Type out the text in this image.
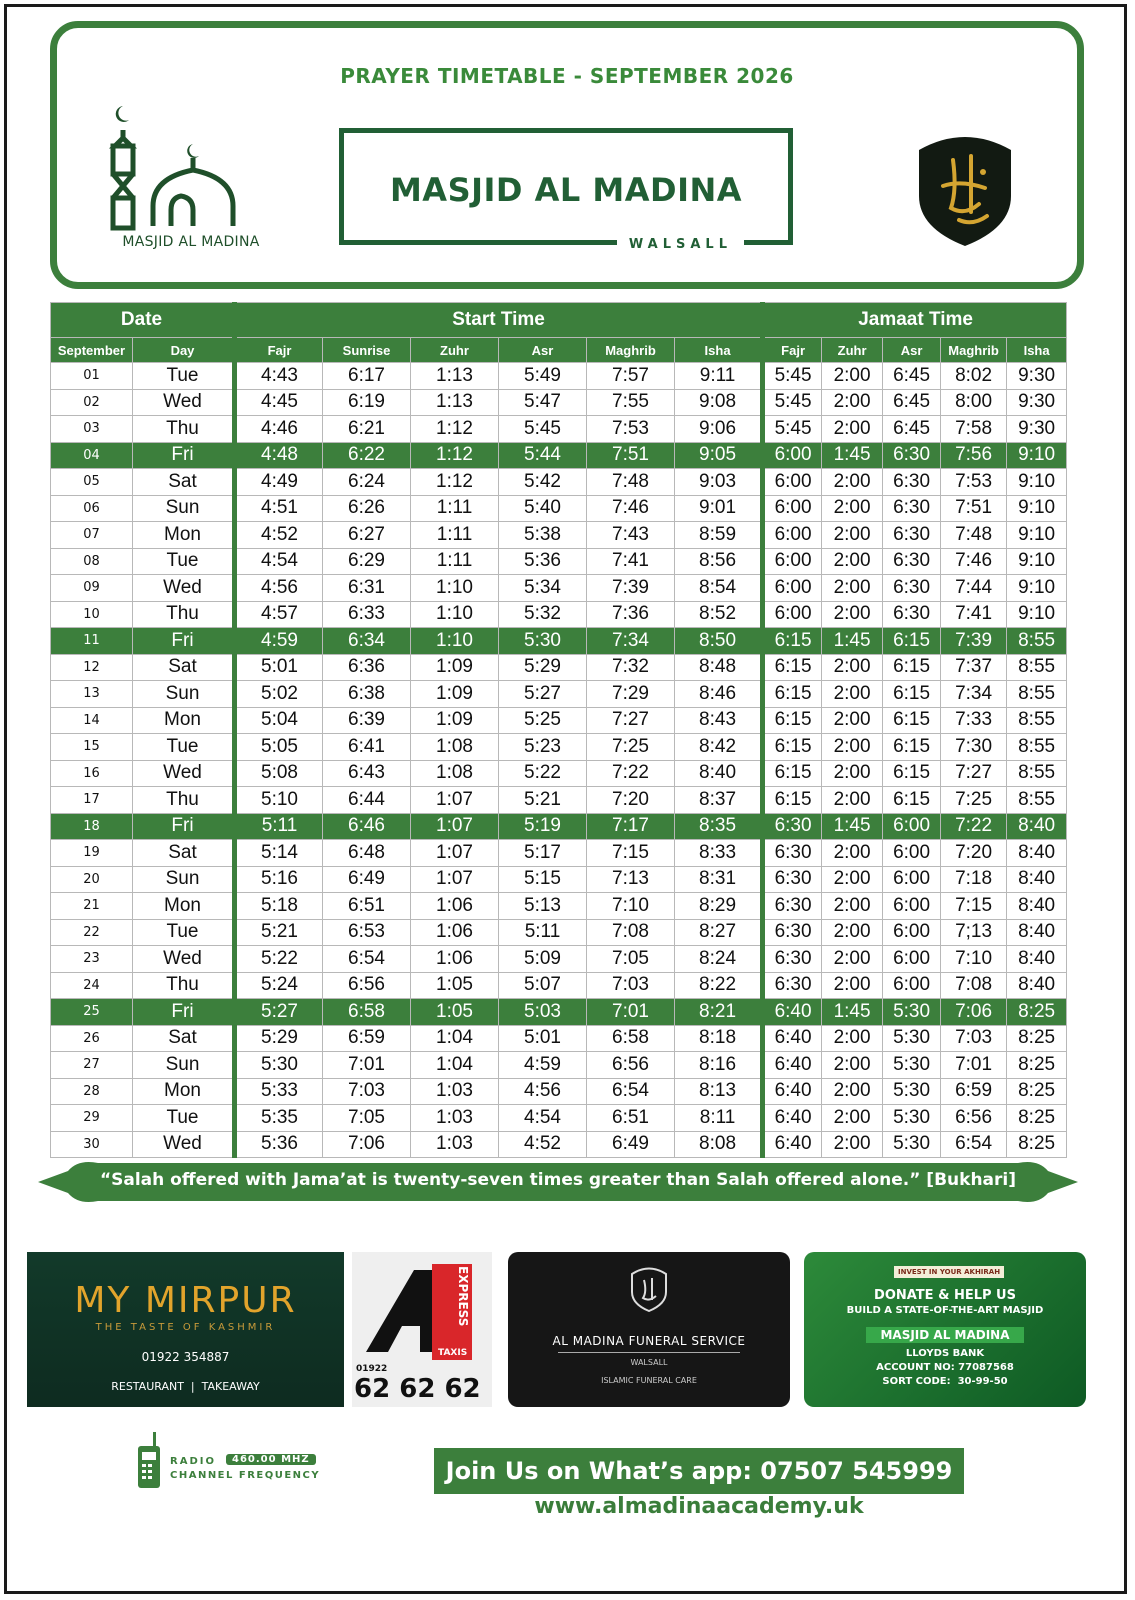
PRAYER TIMETABLE - SEPTEMBER 2026
MASJID AL MADINA
MASJID AL MADINA
WALSALL
Date		Start Time						Jamaat Time				
September	Day	Fajr	Sunrise	Zuhr	Asr	Maghrib	Isha	Fajr	Zuhr	Asr	Maghrib	Isha
01	Tue	4:43	6:17	1:13	5:49	7:57	9:11	5:45	2:00	6:45	8:02	9:30
02	Wed	4:45	6:19	1:13	5:47	7:55	9:08	5:45	2:00	6:45	8:00	9:30
03	Thu	4:46	6:21	1:12	5:45	7:53	9:06	5:45	2:00	6:45	7:58	9:30
04	Fri	4:48	6:22	1:12	5:44	7:51	9:05	6:00	1:45	6:30	7:56	9:10
05	Sat	4:49	6:24	1:12	5:42	7:48	9:03	6:00	2:00	6:30	7:53	9:10
06	Sun	4:51	6:26	1:11	5:40	7:46	9:01	6:00	2:00	6:30	7:51	9:10
07	Mon	4:52	6:27	1:11	5:38	7:43	8:59	6:00	2:00	6:30	7:48	9:10
08	Tue	4:54	6:29	1:11	5:36	7:41	8:56	6:00	2:00	6:30	7:46	9:10
09	Wed	4:56	6:31	1:10	5:34	7:39	8:54	6:00	2:00	6:30	7:44	9:10
10	Thu	4:57	6:33	1:10	5:32	7:36	8:52	6:00	2:00	6:30	7:41	9:10
11	Fri	4:59	6:34	1:10	5:30	7:34	8:50	6:15	1:45	6:15	7:39	8:55
12	Sat	5:01	6:36	1:09	5:29	7:32	8:48	6:15	2:00	6:15	7:37	8:55
13	Sun	5:02	6:38	1:09	5:27	7:29	8:46	6:15	2:00	6:15	7:34	8:55
14	Mon	5:04	6:39	1:09	5:25	7:27	8:43	6:15	2:00	6:15	7:33	8:55
15	Tue	5:05	6:41	1:08	5:23	7:25	8:42	6:15	2:00	6:15	7:30	8:55
16	Wed	5:08	6:43	1:08	5:22	7:22	8:40	6:15	2:00	6:15	7:27	8:55
17	Thu	5:10	6:44	1:07	5:21	7:20	8:37	6:15	2:00	6:15	7:25	8:55
18	Fri	5:11	6:46	1:07	5:19	7:17	8:35	6:30	1:45	6:00	7:22	8:40
19	Sat	5:14	6:48	1:07	5:17	7:15	8:33	6:30	2:00	6:00	7:20	8:40
20	Sun	5:16	6:49	1:07	5:15	7:13	8:31	6:30	2:00	6:00	7:18	8:40
21	Mon	5:18	6:51	1:06	5:13	7:10	8:29	6:30	2:00	6:00	7:15	8:40
22	Tue	5:21	6:53	1:06	5:11	7:08	8:27	6:30	2:00	6:00	7;13	8:40
23	Wed	5:22	6:54	1:06	5:09	7:05	8:24	6:30	2:00	6:00	7:10	8:40
24	Thu	5:24	6:56	1:05	5:07	7:03	8:22	6:30	2:00	6:00	7:08	8:40
25	Fri	5:27	6:58	1:05	5:03	7:01	8:21	6:40	1:45	5:30	7:06	8:25
26	Sat	5:29	6:59	1:04	5:01	6:58	8:18	6:40	2:00	5:30	7:03	8:25
27	Sun	5:30	7:01	1:04	4:59	6:56	8:16	6:40	2:00	5:30	7:01	8:25
28	Mon	5:33	7:03	1:03	4:56	6:54	8:13	6:40	2:00	5:30	6:59	8:25
29	Tue	5:35	7:05	1:03	4:54	6:51	8:11	6:40	2:00	5:30	6:56	8:25
30	Wed	5:36	7:06	1:03	4:52	6:49	8:08	6:40	2:00	5:30	6:54	8:25
“Salah offered with Jama’at is twenty-seven times greater than Salah offered alone.” [Bukhari]
MY MIRPUR
THE TASTE OF KASHMIR
01922 354887
RESTAURANT  |  TAKEAWAY
EXPRESS
TAXIS
01922
62 62 62
AL MADINA FUNERAL SERVICE
WALSALL
ISLAMIC FUNERAL CARE
INVEST IN YOUR AKHIRAH
DONATE & HELP US
BUILD A STATE-OF-THE-ART MASJID
MASJID AL MADINA
LLOYDS BANK
ACCOUNT NO: 77087568
SORT CODE:  30-99-50
RADIO	460.00 MHZ
CHANNEL FREQUENCY	Join Us on What’s app: 07507 545999
www.almadinaacademy.uk
